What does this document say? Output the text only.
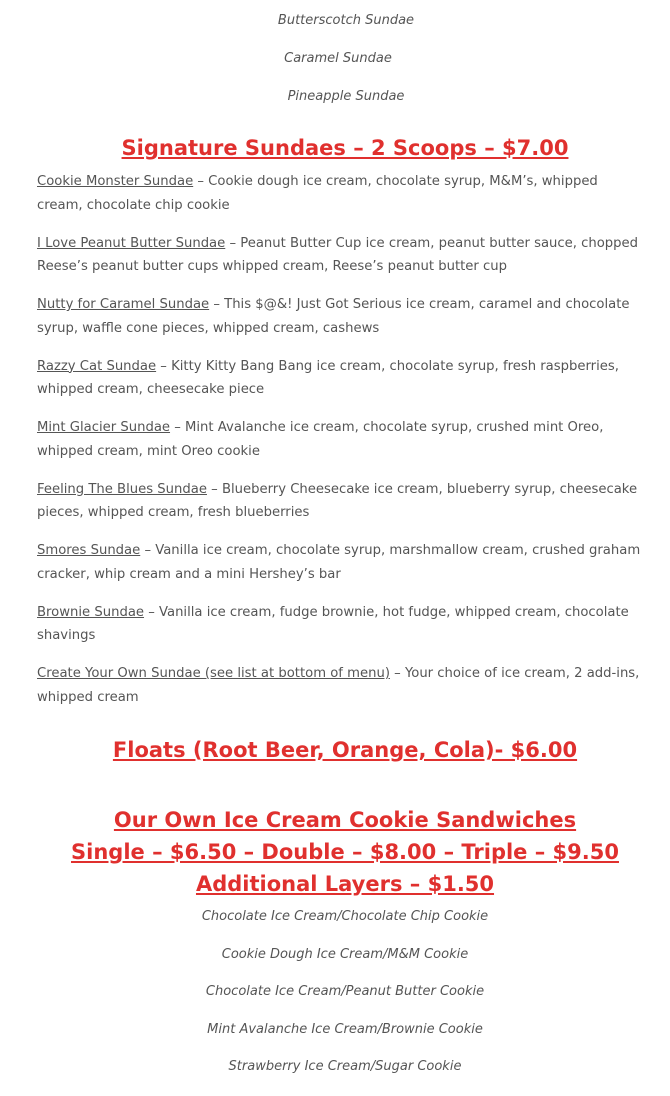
Butterscotch Sundae

Caramel Sundae

Pineapple Sundae

Signature Sundaes – 2 Scoops – $7.00

Cookie Monster Sundae – Cookie dough ice cream, chocolate syrup, M&M’s, whipped cream, chocolate chip cookie

I Love Peanut Butter Sundae – Peanut Butter Cup ice cream, peanut butter sauce, chopped Reese’s peanut butter cups whipped cream, Reese’s peanut butter cup

Nutty for Caramel Sundae – This $@&! Just Got Serious ice cream, caramel and chocolate syrup, waffle cone pieces, whipped cream, cashews

Razzy Cat Sundae – Kitty Kitty Bang Bang ice cream, chocolate syrup, fresh raspberries, whipped cream, cheesecake piece

Mint Glacier Sundae – Mint Avalanche ice cream, chocolate syrup, crushed mint Oreo, whipped cream, mint Oreo cookie

Feeling The Blues Sundae – Blueberry Cheesecake ice cream, blueberry syrup, cheesecake pieces, whipped cream, fresh blueberries

Smores Sundae – Vanilla ice cream, chocolate syrup, marshmallow cream, crushed graham cracker, whip cream and a mini Hershey’s bar

Brownie Sundae – Vanilla ice cream, fudge brownie, hot fudge, whipped cream, chocolate shavings

Create Your Own Sundae (see list at bottom of menu) – Your choice of ice cream, 2 add-ins, whipped cream

Floats (Root Beer, Orange, Cola)- $6.00
Our Own Ice Cream Cookie Sandwiches
Single – $6.50 – Double – $8.00 – Triple – $9.50
Additional Layers – $1.50

Chocolate Ice Cream/Chocolate Chip Cookie

Cookie Dough Ice Cream/M&M Cookie

Chocolate Ice Cream/Peanut Butter Cookie

Mint Avalanche Ice Cream/Brownie Cookie

Strawberry Ice Cream/Sugar Cookie
